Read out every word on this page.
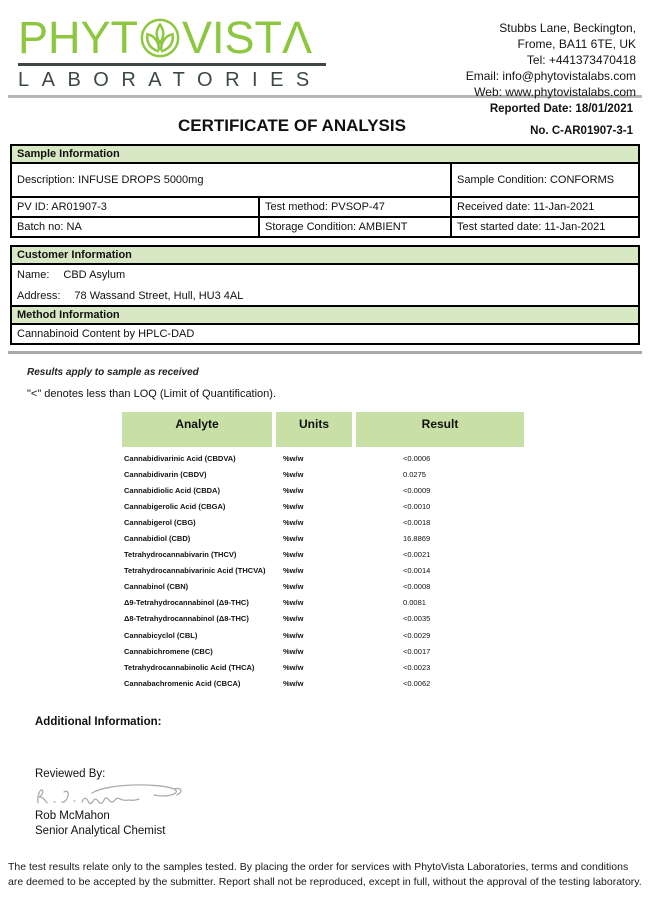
PHYT VISTΛ
LABORATORIES
Stubbs Lane, Beckington,
Frome, BA11 6TE, UK
Tel: +441373470418
Email: info@phytovistalabs.com
Web: www.phytovistalabs.com
Reported Date: 18/01/2021
CERTIFICATE OF ANALYSIS	No. C-AR01907-3-1
Sample Information		
Description: INFUSE DROPS 5000mg		Sample Condition: CONFORMS
PV ID: AR01907-3	Test method: PVSOP-47	Received date: 11-Jan-2021
Batch no: NA	Storage Condition: AMBIENT	Test started date: 11-Jan-2021
Customer Information

Name: CBD Asylum
Address: 78 Wassand Street, Hull, HU3 4AL

Method Information
Cannabinoid Content by HPLC-DAD
Results apply to sample as received
"<" denotes less than LOQ (Limit of Quantification).
Analyte	Units	Result
Cannabidivarinic Acid (CBDVA)	%w/w	<0.0006
Cannabidivarin (CBDV)	%w/w	0.0275
Cannabidiolic Acid (CBDA)	%w/w	<0.0009
Cannabigerolic Acid (CBGA)	%w/w	<0.0010
Cannabigerol (CBG)	%w/w	<0.0018
Cannabidiol (CBD)	%w/w	16.8869
Tetrahydrocannabivarin (THCV)	%w/w	<0.0021
Tetrahydrocannabivarinic Acid (THCVA)	%w/w	<0.0014
Cannabinol (CBN)	%w/w	<0.0008
Δ9-Tetrahydrocannabinol (Δ9-THC)	%w/w	0.0081
Δ8-Tetrahydrocannabinol (Δ8-THC)	%w/w	<0.0035
Cannabicyclol (CBL)	%w/w	<0.0029
Cannabichromene (CBC)	%w/w	<0.0017
Tetrahydrocannabinolic Acid (THCA)	%w/w	<0.0023
Cannabachromenic Acid (CBCA)	%w/w	<0.0062
Additional Information:
Reviewed By:
Rob McMahon
Senior Analytical Chemist
The test results relate only to the samples tested. By placing the order for services with PhytoVista Laboratories, terms and conditions are deemed to be accepted by the submitter. Report shall not be reproduced, except in full, without the approval of the testing laboratory.
